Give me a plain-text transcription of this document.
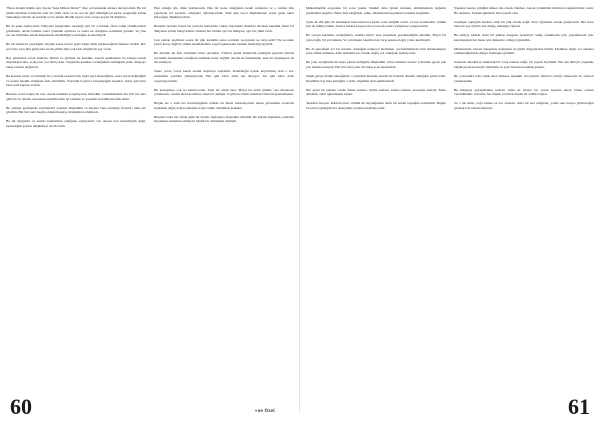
"Bana Zengin Kimin Ayrı Şeyler Sana Müsait Dersi?" diye çevresindeki sözlere dersiyordum. Bu bir tutum sürdüren buralarda olan bir yüzü vardı ve bu sen de diye dilediğin bu kadar zenginliği içinde bulunduğu süredir de sordum ve bu yüzde diledik hayatı olan ortaya koyan bir düşünce.

Bu da şunu anlatıyordu: Dünyada bağışlanma uzandığı için bir yolculuk. Önce sahip olduklarımızı görmemiz, ancak bundan sonra gözünün açılması ve sonra ne olduğunu sormamız gerekir. Ve yine bu, her birimizin kendi dünyasında sürdürdüğü yolculuğun ta kendisiydi.

Bu bir tutum bu yaşadığım olaydan sonra da her şeyin başka türlü görüneceğinin farkına vardım. Her şey bana aynı gibi geliyordu ancak şimdi daha çok fark ettiğim bir şey vardı.

Baş görmeden evvel kitabını. Bulun ve görmek bu kendine. Kendi aşamalarda bu köşeye kendi duyulurken bile, açıkça bir yol duruyordu. Yaşantımı kendine sorduğumda bulduğum yanıt, dünyaya bakış tarzımı değiştirdi.

Bu konuda zaten, bu dürtüyü bu yolculuk sırasında ilk başta neyi hissettiğimi, sonra neyin değiştiğini ve neden önemli olduğunu fark edebildim. Yolculuk boyunca karşılaştığım insanlar, bakış açılarıyla bana yeni kapılar araladı.

Bundan sonra başka bir tarz olarak kendimi sorgulayarak ilerledim. Gördüklerimin her biri bir ders gibiydi; bu dersler sayesinde kendimi daha iyi tanıdım ve yaşamın inceliklerini fark ettim.

Bu yüzden geçmişteki seçimlerimi yeniden düşündüm ve hayatın bana sunduğu fırsatları daha net gördüm. Her biri beni bugün olduğum kişiye dönüştüren adımlardı.

Bu ilk duyguları ve sesleri kaybetmek olduğunu söyleyenler var. Ancak ben kaybettiğim değil, kazandığım şeyleri düşünmeyi tercih ettim.

Hak olduğu için dilek bekliyorum. Hep bir konu olduğunda kendi zamanını ve o zaman bile yapılacak bir şeylerin olduğunu öğreniyordum. Yani gün boyu düşünmeden ertesi güne neler kalacağını düşünüyordum.

Bununla beraber bazen bir pencere kenarında oturup dışarıdaki insanları izlerken kendimi farklı bir dünyanın içinde buluyordum. Onların her birinin ayrı bir hikâyesi, ayrı bir yükü vardı.

Çok zaman geçtikten sonra bir gün kendime şunu sordum: Gerçekten ne istiyorum? Bu sorunun yanıtı kolay değildi; çünkü istediklerimin çoğu başkalarının benden beklediği şeylerdi.

Bu durumu ilk fark ettiğimde biraz sarsıldım. Yıllarca kendi isteklerim sandığım şeylerin aslında çevremin beklentileri olduğunu anlamak kolay değildi. Ancak bu farkındalık, yeni bir başlangıcın da ilk adımıydı.

Sonra yavaş yavaş kendi sesimi duymaya başladım. Kalabalığın içinde kaybolmuş olan o ses, sessizlikte yeniden yükseliyordu. Her gün biraz daha net duyuyor, her gün biraz daha cesurlaşıyordum.

Bir konuşmayı çok iyi hatırlıyorum. Yaşlı bir adam bana 'Hayat bir nehir gibidir; ona direnirsen yorulursun, onunla akarsan denize ulaşırsın' demişti. O gün bu sözün anlamını tam kavrayamamıştım.

Bugün ise o sözü her hatırladığımda içimde bir huzur hissediyorum. Akışa güvenmek, kontrolü bırakmak değil; doğru zamanda doğru adımı atabilmek demekti.

Bundan sonra her sabah güne bir niyetle başlamayı alışkanlık edindim. Bu küçük alışkanlık, zamanla hayatımın tamamını etkileyen büyük bir dönüşüme dönüştü.

60	«se Özel

Mükemmellik arayışının bir sonu yoktur. Sürekli daha iyisini istemek, elimizdekinin değerini görmemizi engeller. Bunu fark ettiğimde, sahip olduklarımın kıymetini yeniden keşfettim.

Şöyle ki: Bir gün bir arkadaşım bana neden bu kadar acele ettiğimi sordu. Cevap veremedim. Çünkü ben de bilmiyordum. Sadece herkes koşuyordu ve ben de onlara yetişmeye çalışıyordum.

Bu soruyu kendime sorduğumda, aslında hiçbir yere yetişmem gerekmediğini anladım. Hayat bir yarış değil, bir yolculuktu. Ve yolculukta önemli olan varış noktası değil, yolun kendisiydi.

Bu da gerçekten zor bir karardı. Alıştığım tempoyu bırakmak, çevremdekilerin beni anlamamasını göze almak demekti. Ama içimdeki ses, bunun doğru yol olduğunu fısıldıyordu.

Bu yolu seçtiğimde ilk başta yalnız kaldığımı düşündüm. Oysa zamanla benzer yollardan geçen pek çok insanla tanıştım. Her biri bana yeni bir bakış açısı kazandırdı.

Şimdi geriye dönüp baktığımda, o yalnızlık hissinin aslında bir hazırlık dönemi olduğunu görüyorum. Kendimle baş başa kaldığım o anlar, bugünkü beni şekillendirdi.

Her şeyin bir zamanı vardır. Ekme zamanı, biçme zamanı; susma zamanı, konuşma zamanı. Bunu anlamak, sabrı öğrenmekle başlar.

'Kendini tanıyan, Rabbini tanır' sözünü ilk duyduğumda derin bir anlam taşıdığını sezmiştim. Bugün bu sözü yaşadığım her deneyimde yeniden keşfediyorum.

Yaşamın nereye gittiğini kimse tam olarak bilemez. Ancak yönümüzü belirleyen değerlerimiz vardır. Bu değerler, fırtınalı günlerde bize pusula olur.

Geçmişte yaptığım hataları artık bir yük olarak değil, birer öğretmen olarak görüyorum. Her hata, bana bir şey öğretti; her düşüş, kalkmayı öğretti.

Bu anlayış içimde derin bir şükran duygusu uyandırdı. Sahip olduklarım için, yaşadıklarım için, karşılaştığım her insan için minnettar olmayı öğrendim.

Minnettarlık, hayata bakışımızı değiştiren en güçlü duygulardan biridir. Eksiklere değil, var olanlara odaklandığımızda dünya bambaşka görünür.

Sonunda anladım ki mutluluk bir varış noktası değil, bir yaşam biçimidir. Her anı bilinçle yaşamak, küçük şeylerden keyif alabilmek ve içsel huzuru korumak gerekir.

Bu yolculukta bana eşlik eden herkese teşekkür borçluyum. Onların varlığı olmasaydı bu satırları yazamazdım.

Bu hikâyeyi paylaşmamın nedeni, belki de benzer bir yolun başında duran birine cesaret verebilmektir. Unutma; her büyük yolculuk küçük bir adımla başlar.

Ve o ilk adım, çoğu zaman en zor olanıdır. Ama bir kez attığında, yolun seni nereye götüreceğini görmek için sabırsızlanırsın.

61
